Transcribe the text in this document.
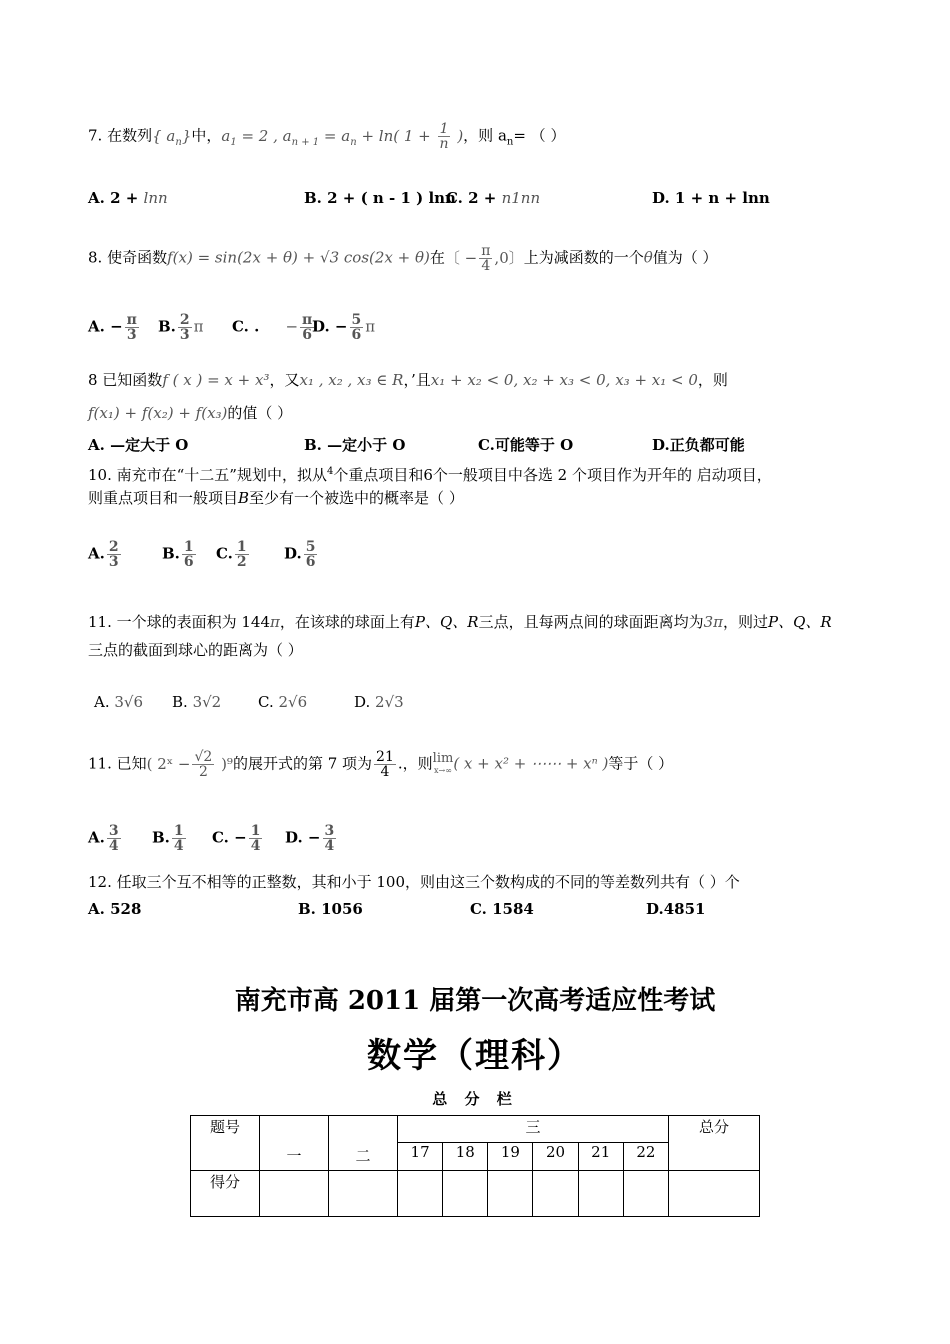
7. 在数列{ $a_n$}中，$a_1 = 2$ , $a_{n + 1} = a_n + \ln$( $1 + \frac{1}{n}$ )，则 $a_n=$ （ ）
A. 2 + lnn	B. 2 + ( n - 1 ) lnn
C. 2 + n1nn	D. 1 + n + lnn
8. 使奇函数f(x) = sin(2x + θ) + √3 cos(2x + θ)在〔 − $\frac{\pi}{4} ,0$〕上为减函数的一个θ值为（ ）
A. − $\frac{\pi}{3} B$. $\frac{2}{3}$ π C. . − $\frac{\pi}{6}$
D. − $\frac{5}{6}$ π
8 已知函数f ( x ) = x + x³，又x₁ , x₂ , x₃ ∈ R，’且x₁ + x₂ < 0, x₂ + x₃ < 0, x₃ + x₁ < 0，则
f(x₁) + f(x₂) + f(x₃)的值（ ）
A. —定大于 O	B. —定小于 O	C.可能等于 O	D.正负都可能
10. 南充市在“十二五”规划中，拟从$^4$个重点项目和6个一般项目中各选 2 个项目作为开年的 启动项目，
则重点项目和一般项目B至少有一个被选中的概率是（ ）
A. $\frac{2}{3}$	B. $\frac{1}{6} C$. $\frac{1}{2} D$. $\frac{5}{6}$
11. 一个球的表面积为 144π，在该球的球面上有P、Q、R三点，且每两点间的球面距离均为3π，则过P、Q、R
三点的截面到球心的距离为（ ）
A. 3√6 B. 3√2 C. 2√6	D. 2√3
11. 已知( 2ˣ − $\frac{√2}{2} )^9$的展开式的第 7 项为 $\frac{21}{4}$ .，则 lim
x→∞ ( x + x² + ⋯⋯ + xⁿ )等于（ ）
A. $\frac{3}{4} B$. $\frac{1}{4} C$. − $\frac{1}{4} D$. − $\frac{3}{4}$
12. 任取三个互不相等的正整数，其和小于 100，则由这三个数构成的不同的等差数列共有（ ）个
A. 528	B. 1056	C. 1584	D.4851
南充市高 2011 届第一次高考适应性考试
数学（理科）
总 分 栏
题号	一	二	三						总分
			17	18	19	20	21	22	
得分									
